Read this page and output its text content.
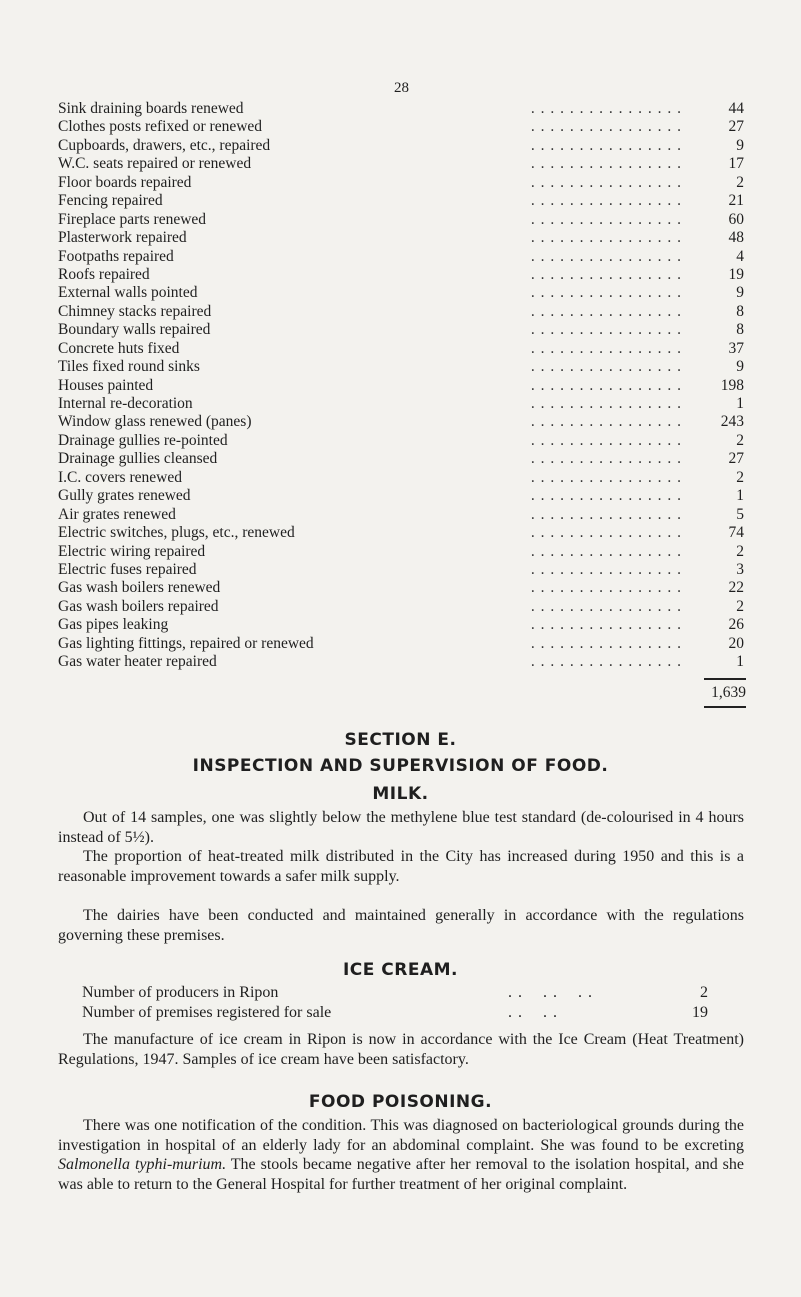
28
Sink draining boards renewed	. . . . . . . . . . . . . . . .	44
Clothes posts refixed or renewed	. . . . . . . . . . . . . . . .	27
Cupboards, drawers, etc., repaired	. . . . . . . . . . . . . . . .	9
W.C. seats repaired or renewed	. . . . . . . . . . . . . . . .	17
Floor boards repaired	. . . . . . . . . . . . . . . .	2
Fencing repaired	. . . . . . . . . . . . . . . .	21
Fireplace parts renewed	. . . . . . . . . . . . . . . .	60
Plasterwork repaired	. . . . . . . . . . . . . . . .	48
Footpaths repaired	. . . . . . . . . . . . . . . .	4
Roofs repaired	. . . . . . . . . . . . . . . .	19
External walls pointed	. . . . . . . . . . . . . . . .	9
Chimney stacks repaired	. . . . . . . . . . . . . . . .	8
Boundary walls repaired	. . . . . . . . . . . . . . . .	8
Concrete huts fixed	. . . . . . . . . . . . . . . .	37
Tiles fixed round sinks	. . . . . . . . . . . . . . . .	9
Houses painted	. . . . . . . . . . . . . . . .	198
Internal re-decoration	. . . . . . . . . . . . . . . .	1
Window glass renewed (panes)	. . . . . . . . . . . . . . . .	243
Drainage gullies re-pointed	. . . . . . . . . . . . . . . .	2
Drainage gullies cleansed	. . . . . . . . . . . . . . . .	27
I.C. covers renewed	. . . . . . . . . . . . . . . .	2
Gully grates renewed	. . . . . . . . . . . . . . . .	1
Air grates renewed	. . . . . . . . . . . . . . . .	5
Electric switches, plugs, etc., renewed	. . . . . . . . . . . . . . . .	74
Electric wiring repaired	. . . . . . . . . . . . . . . .	2
Electric fuses repaired	. . . . . . . . . . . . . . . .	3
Gas wash boilers renewed	. . . . . . . . . . . . . . . .	22
Gas wash boilers repaired	. . . . . . . . . . . . . . . .	2
Gas pipes leaking	. . . . . . . . . . . . . . . .	26
Gas lighting fittings, repaired or renewed	. . . . . . . . . . . . . . . .	20
Gas water heater repaired	. . . . . . . . . . . . . . . .	1
1,639
SECTION E.
INSPECTION AND SUPERVISION OF FOOD.
MILK.
Out of 14 samples, one was slightly below the methylene blue test standard (de-colourised in 4 hours instead of 5½).
The proportion of heat-treated milk distributed in the City has increased during 1950 and this is a reasonable improvement towards a safer milk supply.
The dairies have been conducted and maintained generally in accordance with the regulations governing these premises.
ICE CREAM.
Number of producers in Ripon	. .    . .    . .	2
Number of premises registered for sale	. .    . .	19
The manufacture of ice cream in Ripon is now in accordance with the Ice Cream (Heat Treatment) Regulations, 1947. Samples of ice cream have been satisfactory.
FOOD POISONING.
There was one notification of the condition. This was diagnosed on bacteriological grounds during the investigation in hospital of an elderly lady for an abdominal complaint. She was found to be excreting Salmonella typhi-murium. The stools became negative after her removal to the isolation hospital, and she was able to return to the General Hospital for further treatment of her original complaint.
